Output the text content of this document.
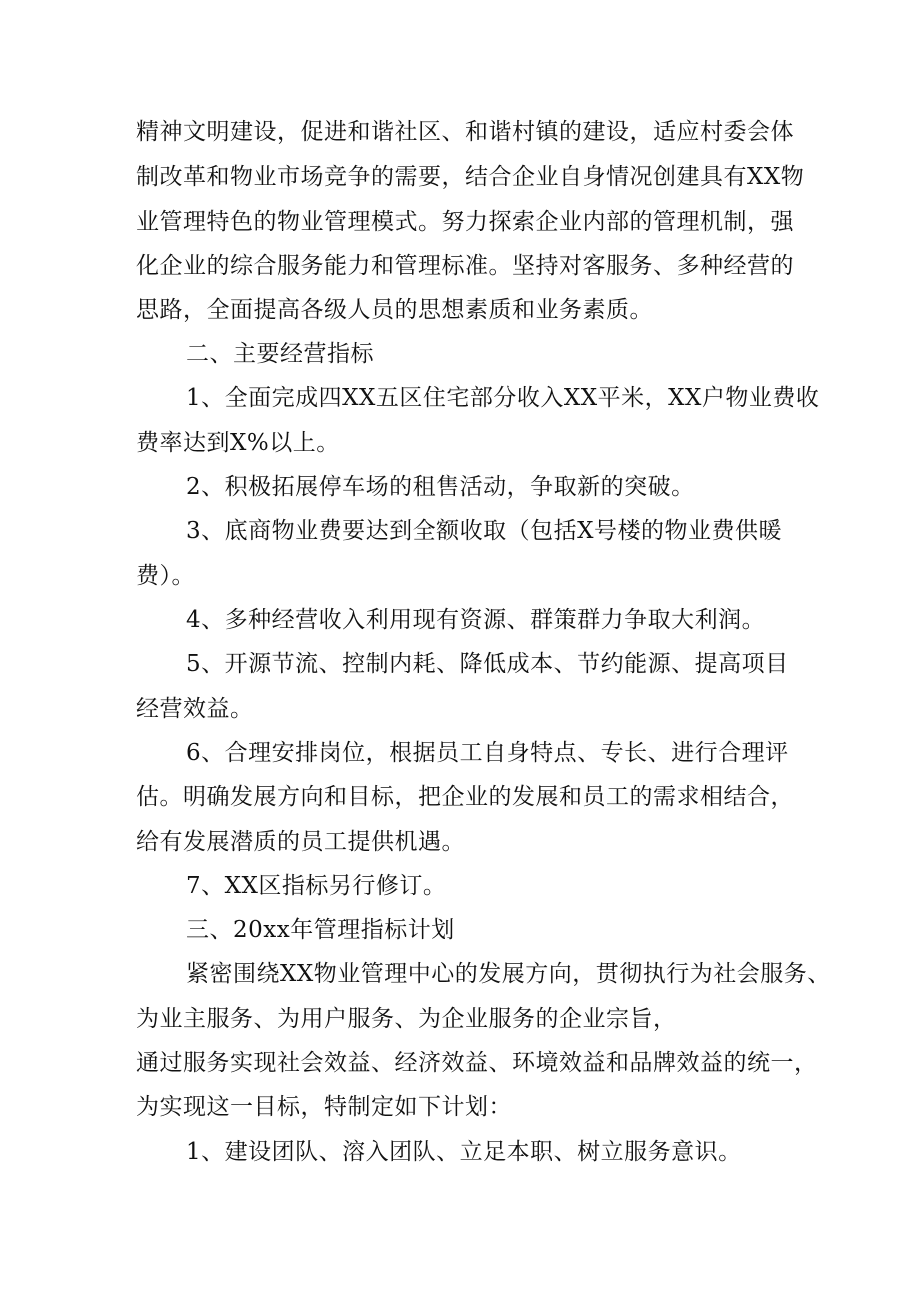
精神文明建设，促进和谐社区、和谐村镇的建设，适应村委会体
制改革和物业市场竞争的需要，结合企业自身情况创建具有XX物
业管理特色的物业管理模式。努力探索企业内部的管理机制，强
化企业的综合服务能力和管理标准。坚持对客服务、多种经营的
思路，全面提高各级人员的思想素质和业务素质。
二、主要经营指标
1、全面完成四XX五区住宅部分收入XX平米，XX户物业费收
费率达到X%以上。
2、积极拓展停车场的租售活动，争取新的突破。
3、底商物业费要达到全额收取（包括X号楼的物业费供暖
费）。
4、多种经营收入利用现有资源、群策群力争取大利润。
5、开源节流、控制内耗、降低成本、节约能源、提高项目
经营效益。
6、合理安排岗位，根据员工自身特点、专长、进行合理评
估。明确发展方向和目标，把企业的发展和员工的需求相结合，
给有发展潜质的员工提供机遇。
7、XX区指标另行修订。
三、20xx年管理指标计划
紧密围绕XX物业管理中心的发展方向，贯彻执行为社会服务、
为业主服务、为用户服务、为企业服务的企业宗旨，
通过服务实现社会效益、经济效益、环境效益和品牌效益的统一，
为实现这一目标，特制定如下计划：
1、建设团队、溶入团队、立足本职、树立服务意识。
